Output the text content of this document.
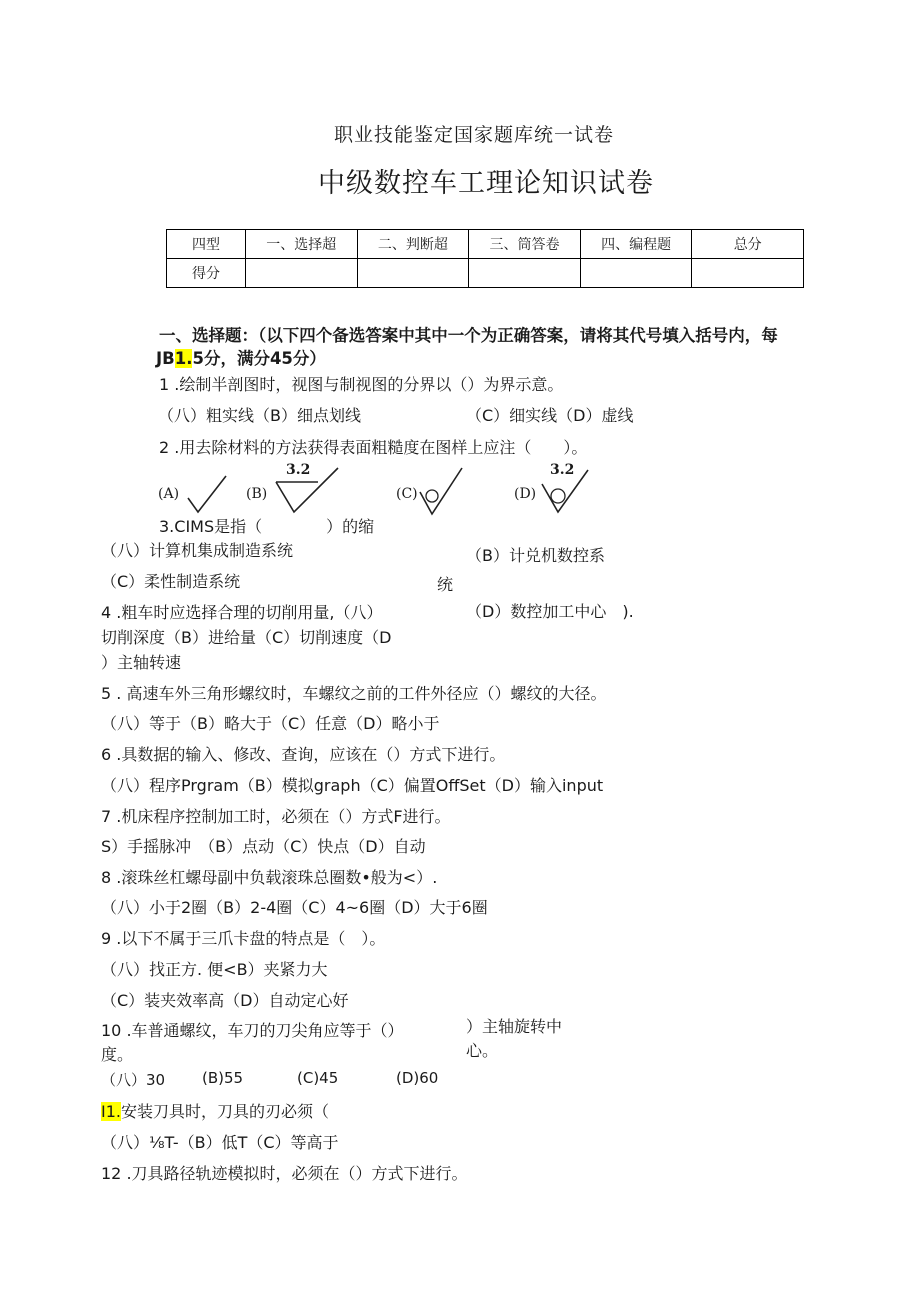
职业技能鉴定国家题库统一试卷
中级数控车工理论知识试卷
四型	一、选择超	二、判断超	三、筒答卷	四、编程题	总分
得分					
一、选择题：（以下四个备选答案中其中一个为正确答案，请将其代号填入括号内，每
JB1.5分，满分45分）
1 .绘制半剖图时，视图与制视图的分界以（）为界示意。
（八）粗实线（B）细点划线	（C）细实线（D）虚线
2 .用去除材料的方法获得表面粗糙度在图样上应注（　　）。
(A)	(B)
3.2
(C)	(D)
3.2
3.CIMS是指（　　　　）的缩
（八）计算机集成制造系统	（B）计兑机数控系
（C）柔性制造系统	统
（D）数控加工中心　).
4 .粗车时应选择合理的切削用量,（八）
切削深度（B）进给量（C）切削速度（D
）主轴转速
5 . 高速车外三角形螺纹时，车螺纹之前的工件外径应（）螺纹的大径。
（八）等于（B）略大于（C）任意（D）略小于
6 .具数据的输入、修改、查询，应该在（）方式下进行。
（八）程序Prgram（B）模拟graph（C）偏置OffSet（D）输入input
7 .机床程序控制加工时，必须在（）方式F进行。
S）手摇脉冲　（B）点动（C）快点（D）自动
8 .滚珠丝杠螺母副中负载滚珠总圈数•般为<）.
（八）小于2圈（B）2-4圈（C）4~6圈（D）大于6圈
9 .以下不属于三爪卡盘的特点是（　）。
（八）找正方. 便<B）夹紧力大
（C）装夹效率高（D）自动定心好
10 .车普通螺纹，车刀的刀尖角应等于（）
度。
）主轴旋转中
心。
（八）30 (B)55	(C)45	(D)60
I1.安装刀具时，刀具的刃必须（
（八）⅛T-（B）低T（C）等高于
12 .刀具路径轨迹模拟时，必须在（）方式下进行。
